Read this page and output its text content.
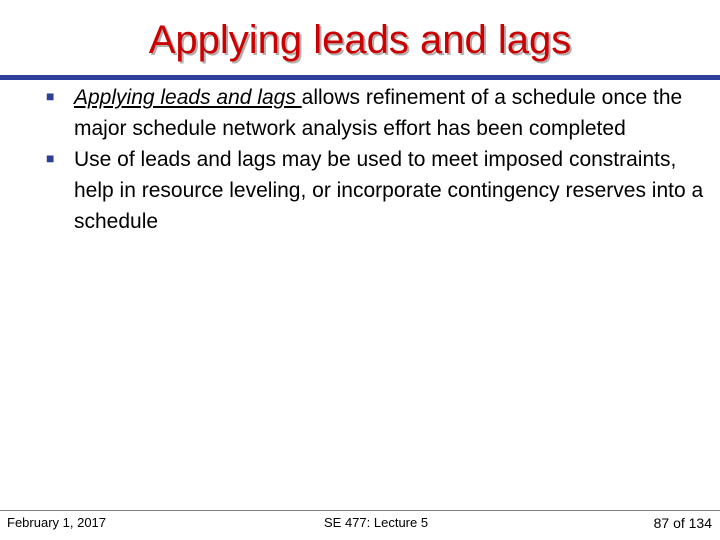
Applying leads and lags
■ Applying leads and lags allows refinement of a schedule once the major schedule network analysis effort has been completed
■ Use of leads and lags may be used to meet imposed constraints, help in resource leveling, or incorporate contingency reserves into a schedule
February 1, 2017	SE 477: Lecture 5	87 of 134
